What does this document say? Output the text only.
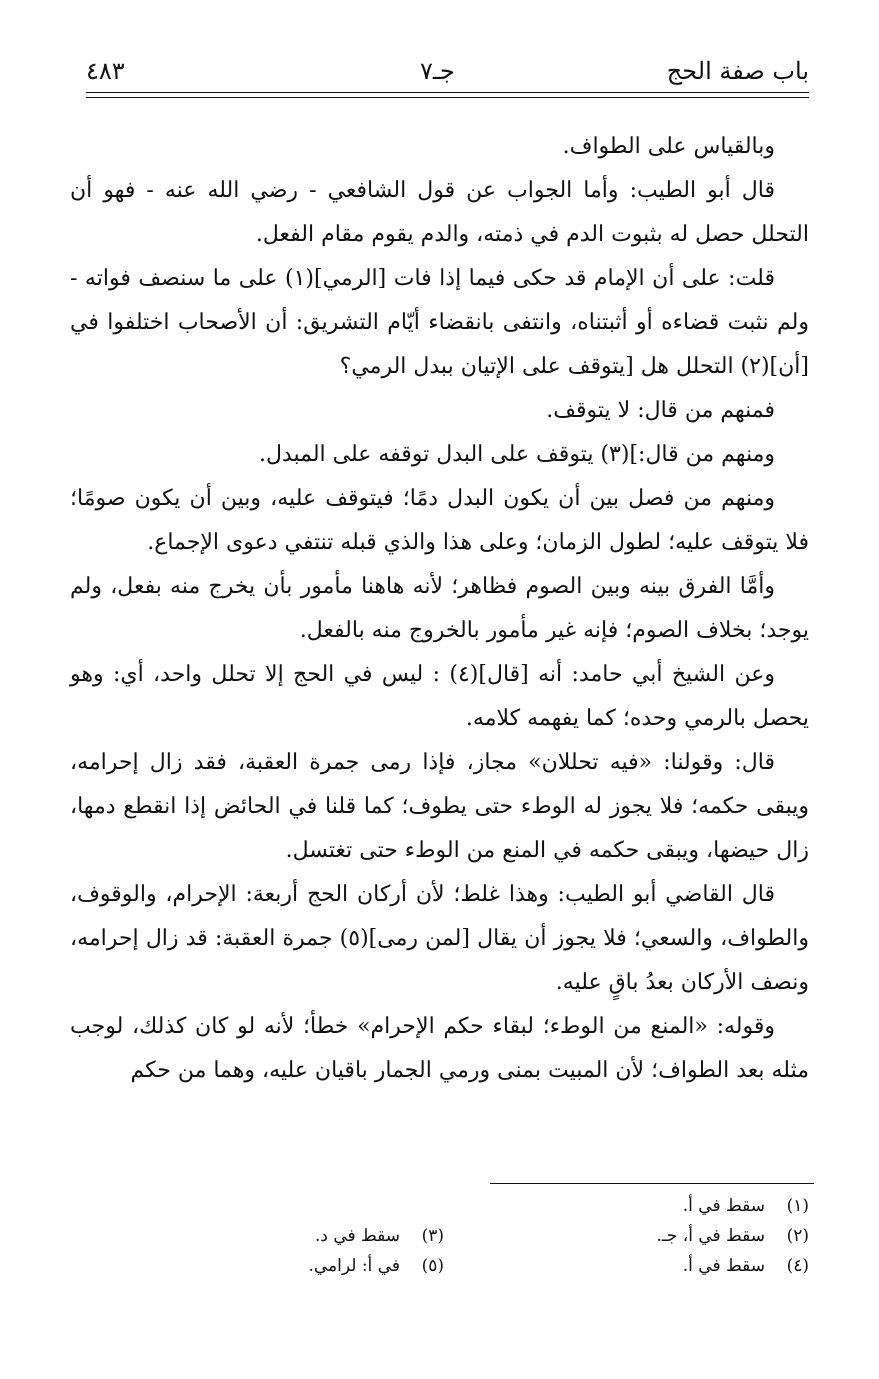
باب صفة الحج
جـ٧
٤٨٣

وبالقياس على الطواف.

قال أبو الطيب: وأما الجواب عن قول الشافعي - رضي الله عنه - فهو أن التحلل حصل له بثبوت الدم في ذمته، والدم يقوم مقام الفعل.

قلت: على أن الإمام قد حكى فيما إذا فات [الرمي](١) على ما سنصف فواته - ولم نثبت قضاءه أو أثبتناه، وانتفى بانقضاء أيّام التشريق: أن الأصحاب اختلفوا في [أن](٢) التحلل هل [يتوقف على الإتيان ببدل الرمي؟

فمنهم من قال: لا يتوقف.

ومنهم من قال:](٣) يتوقف على البدل توقفه على المبدل.

ومنهم من فصل بين أن يكون البدل دمًا؛ فيتوقف عليه، وبين أن يكون صومًا؛ فلا يتوقف عليه؛ لطول الزمان؛ وعلى هذا والذي قبله تنتفي دعوى الإجماع.

وأمَّا الفرق بينه وبين الصوم فظاهر؛ لأنه هاهنا مأمور بأن يخرج منه بفعل، ولم يوجد؛ بخلاف الصوم؛ فإنه غير مأمور بالخروج منه بالفعل.

وعن الشيخ أبي حامد: أنه [قال](٤) : ليس في الحج إلا تحلل واحد، أي: وهو يحصل بالرمي وحده؛ كما يفهمه كلامه.

قال: وقولنا: «فيه تحللان» مجاز، فإذا رمى جمرة العقبة، فقد زال إحرامه، ويبقى حكمه؛ فلا يجوز له الوطء حتى يطوف؛ كما قلنا في الحائض إذا انقطع دمها، زال حيضها، ويبقى حكمه في المنع من الوطء حتى تغتسل.

قال القاضي أبو الطيب: وهذا غلط؛ لأن أركان الحج أربعة: الإحرام، والوقوف، والطواف، والسعي؛ فلا يجوز أن يقال [لمن رمى](٥) جمرة العقبة: قد زال إحرامه، ونصف الأركان بعدُ باقٍ عليه.

وقوله: «المنع من الوطء؛ لبقاء حكم الإحرام» خطأ؛ لأنه لو كان كذلك، لوجب مثله بعد الطواف؛ لأن المبيت بمنى ورمي الجمار باقيان عليه، وهما من حكم

(١)سقط في أ.
(٢)سقط في أ، جـ.
(٣)سقط في د.
(٤)سقط في أ.
(٥)في أ: لرامي.
